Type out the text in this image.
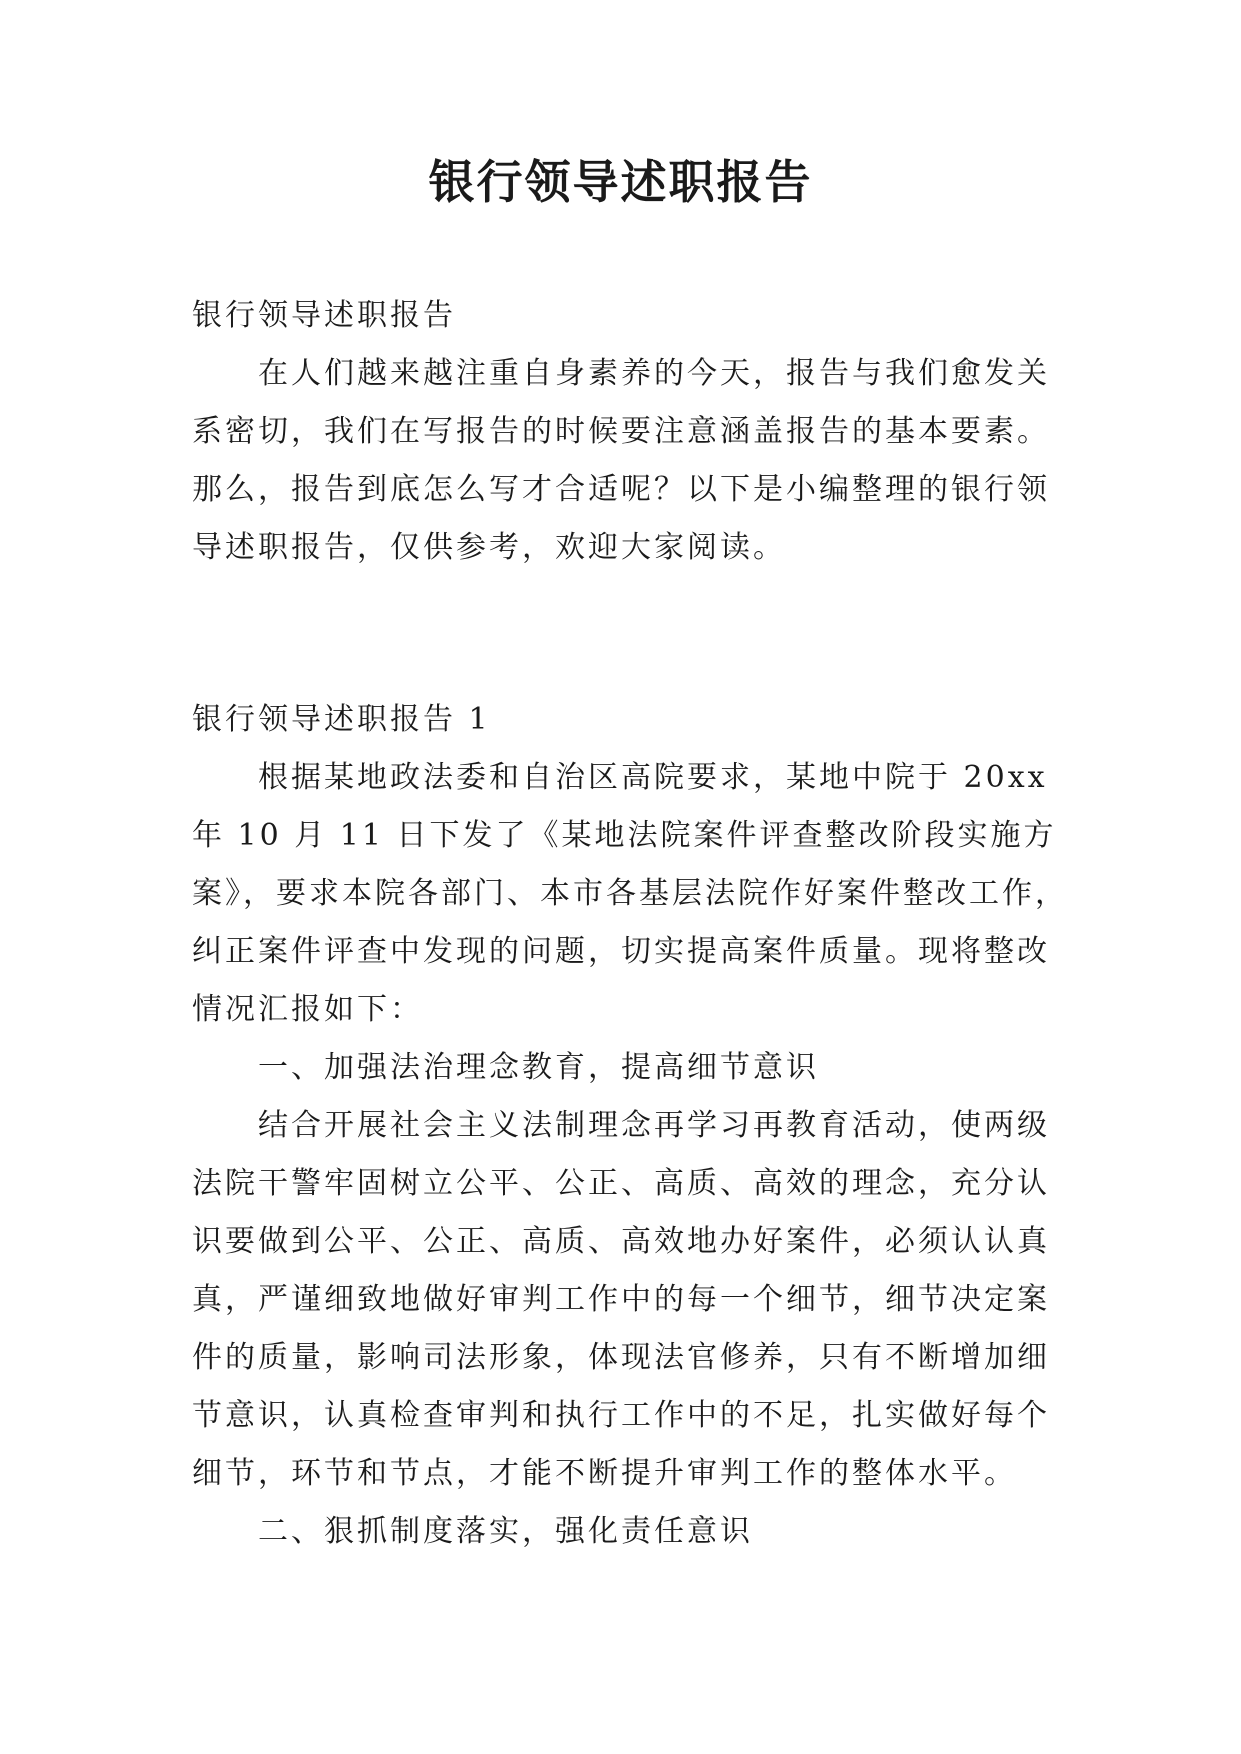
银行领导述职报告

银行领导述职报告

在人们越来越注重自身素养的今天，报告与我们愈发关

系密切，我们在写报告的时候要注意涵盖报告的基本要素。

那么，报告到底怎么写才合适呢？以下是小编整理的银行领

导述职报告，仅供参考，欢迎大家阅读。

银行领导述职报告 1

根据某地政法委和自治区高院要求，某地中院于 20xx

年 10 月 11 日下发了《某地法院案件评查整改阶段实施方

案》，要求本院各部门、本市各基层法院作好案件整改工作，

纠正案件评查中发现的问题，切实提高案件质量。现将整改

情况汇报如下：

一、加强法治理念教育，提高细节意识

结合开展社会主义法制理念再学习再教育活动，使两级

法院干警牢固树立公平、公正、高质、高效的理念，充分认

识要做到公平、公正、高质、高效地办好案件，必须认认真

真，严谨细致地做好审判工作中的每一个细节，细节决定案

件的质量，影响司法形象，体现法官修养，只有不断增加细

节意识，认真检查审判和执行工作中的不足，扎实做好每个

细节，环节和节点，才能不断提升审判工作的整体水平。

二、狠抓制度落实，强化责任意识
